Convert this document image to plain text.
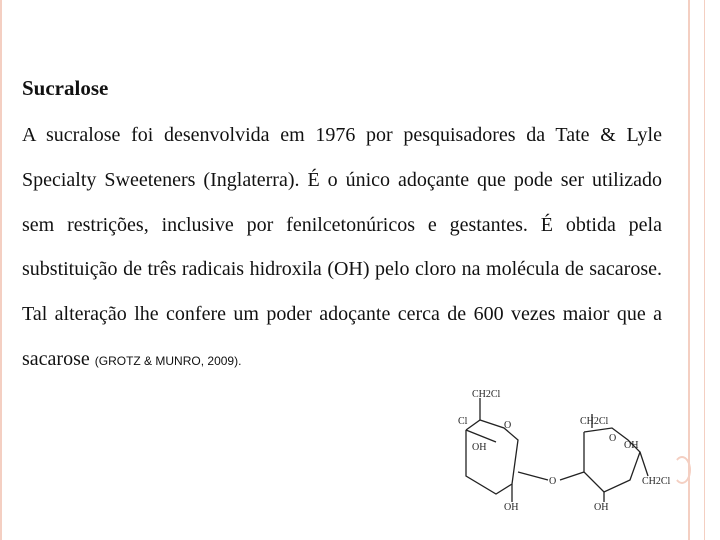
Sucralose

A sucralose foi desenvolvida em 1976 por pesquisadores da Tate & Lyle Specialty Sweeteners (Inglaterra). É o único adoçante que pode ser utilizado sem restrições, inclusive por fenilcetonúricos e gestantes. É obtida pela substituição de três radicais hidroxila (OH) pelo cloro na molécula de sacarose. Tal alteração lhe confere um poder adoçante cerca de 600 vezes maior que a sacarose (GROTZ & MUNRO, 2009).

CH2Cl
Cl	O
OH
OH
O
CH2Cl
O
OH
CH2Cl
OH
